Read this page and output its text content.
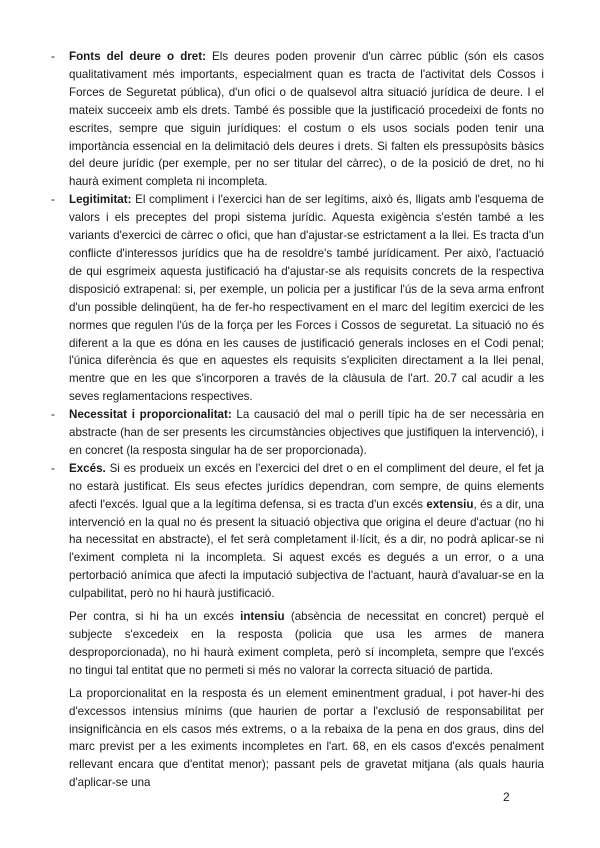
- Fonts del deure o dret: Els deures poden provenir d'un càrrec públic (són els casos qualitativament més importants, especialment quan es tracta de l'activitat dels Cossos i Forces de Seguretat pública), d'un ofici o de qualsevol altra situació jurídica de deure. I el mateix succeeix amb els drets. També és possible que la justificació procedeixi de fonts no escrites, sempre que siguin jurídiques: el costum o els usos socials poden tenir una importància essencial en la delimitació dels deures i drets. Si falten els pressupòsits bàsics del deure jurídic (per exemple, per no ser titular del càrrec), o de la posició de dret, no hi haurà eximent completa ni incompleta.

- Legitimitat: El compliment i l'exercici han de ser legítims, això és, lligats amb l'esquema de valors i els preceptes del propi sistema jurídic. Aquesta exigència s'estén també a les variants d'exercici de càrrec o ofici, que han d'ajustar-se estrictament a la llei. Es tracta d'un conflicte d'interessos jurídics que ha de resoldre's també jurídicament. Per això, l'actuació de qui esgrimeix aquesta justificació ha d'ajustar-se als requisits concrets de la respectiva disposició extrapenal: si, per exemple, un policia per a justificar l'ús de la seva arma enfront d'un possible delinqüent, ha de fer-ho respectivament en el marc del legítim exercici de les normes que regulen l'ús de la força per les Forces i Cossos de seguretat. La situació no és diferent a la que es dóna en les causes de justificació generals incloses en el Codi penal; l'única diferència és que en aquestes els requisits s'expliciten directament a la llei penal, mentre que en les que s'incorporen a través de la clàusula de l'art. 20.7 cal acudir a les seves reglamentacions respectives.

- Necessitat i proporcionalitat: La causació del mal o perill típic ha de ser necessària en abstracte (han de ser presents les circumstàncies objectives que justifiquen la intervenció), i en concret (la resposta singular ha de ser proporcionada).

- Excés. Si es produeix un excés en l'exercici del dret o en el compliment del deure, el fet ja no estarà justificat. Els seus efectes jurídics dependran, com sempre, de quins elements afecti l'excés. Igual que a la legítima defensa, si es tracta d'un excés extensiu, és a dir, una intervenció en la qual no és present la situació objectiva que origina el deure d'actuar (no hi ha necessitat en abstracte), el fet serà completament il·lícit, és a dir, no podrà aplicar-se ni l'eximent completa ni la incompleta. Si aquest excés es degués a un error, o a una pertorbació anímica que afecti la imputació subjectiva de l'actuant, haurà d'avaluar-se en la culpabilitat, però no hi haurà justificació.

Per contra, si hi ha un excés intensiu (absència de necessitat en concret) perquè el subjecte s'excedeix en la resposta (policia que usa les armes de manera desproporcionada), no hi haurà eximent completa, però sí incompleta, sempre que l'excés no tingui tal entitat que no permeti si més no valorar la correcta situació de partida.

La proporcionalitat en la resposta és un element eminentment gradual, i pot haver-hi des d'excessos intensius mínims (que haurien de portar a l'exclusió de responsabilitat per insignificància en els casos més extrems, o a la rebaixa de la pena en dos graus, dins del marc previst per a les eximents incompletes en l'art. 68, en els casos d'excés penalment rellevant encara que d'entitat menor); passant pels de gravetat mitjana (als quals hauria d'aplicar-se una

2
